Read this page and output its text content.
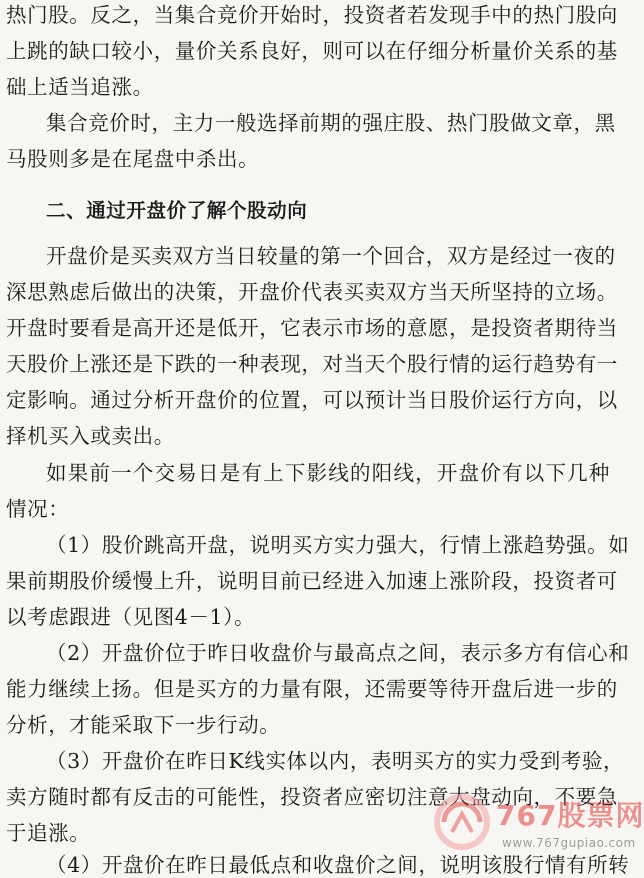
热门股。反之，当集合竞价开始时，投资者若发现手中的热门股向
上跳的缺口较小，量价关系良好，则可以在仔细分析量价关系的基
础上适当追涨。
集合竞价时，主力一般选择前期的强庄股、热门股做文章，黑
马股则多是在尾盘中杀出。
二、通过开盘价了解个股动向
开盘价是买卖双方当日较量的第一个回合，双方是经过一夜的
深思熟虑后做出的决策，开盘价代表买卖双方当天所坚持的立场。
开盘时要看是高开还是低开，它表示市场的意愿，是投资者期待当
天股价上涨还是下跌的一种表现，对当天个股行情的运行趋势有一
定影响。通过分析开盘价的位置，可以预计当日股价运行方向，以
择机买入或卖出。
如果前一个交易日是有上下影线的阳线，开盘价有以下几种
情况：
（1）股价跳高开盘，说明买方实力强大，行情上涨趋势强。如
果前期股价缓慢上升，说明目前已经进入加速上涨阶段，投资者可
以考虑跟进（见图4－1）。
（2）开盘价位于昨日收盘价与最高点之间，表示多方有信心和
能力继续上扬。但是买方的力量有限，还需要等待开盘后进一步的
分析，才能采取下一步行动。
（3）开盘价在昨日K线实体以内，表明买方的实力受到考验，
卖方随时都有反击的可能性，投资者应密切注意大盘动向，不要急
于追涨。
（4）开盘价在昨日最低点和收盘价之间，说明该股行情有所转
767股票网
www.767gupiao.com
